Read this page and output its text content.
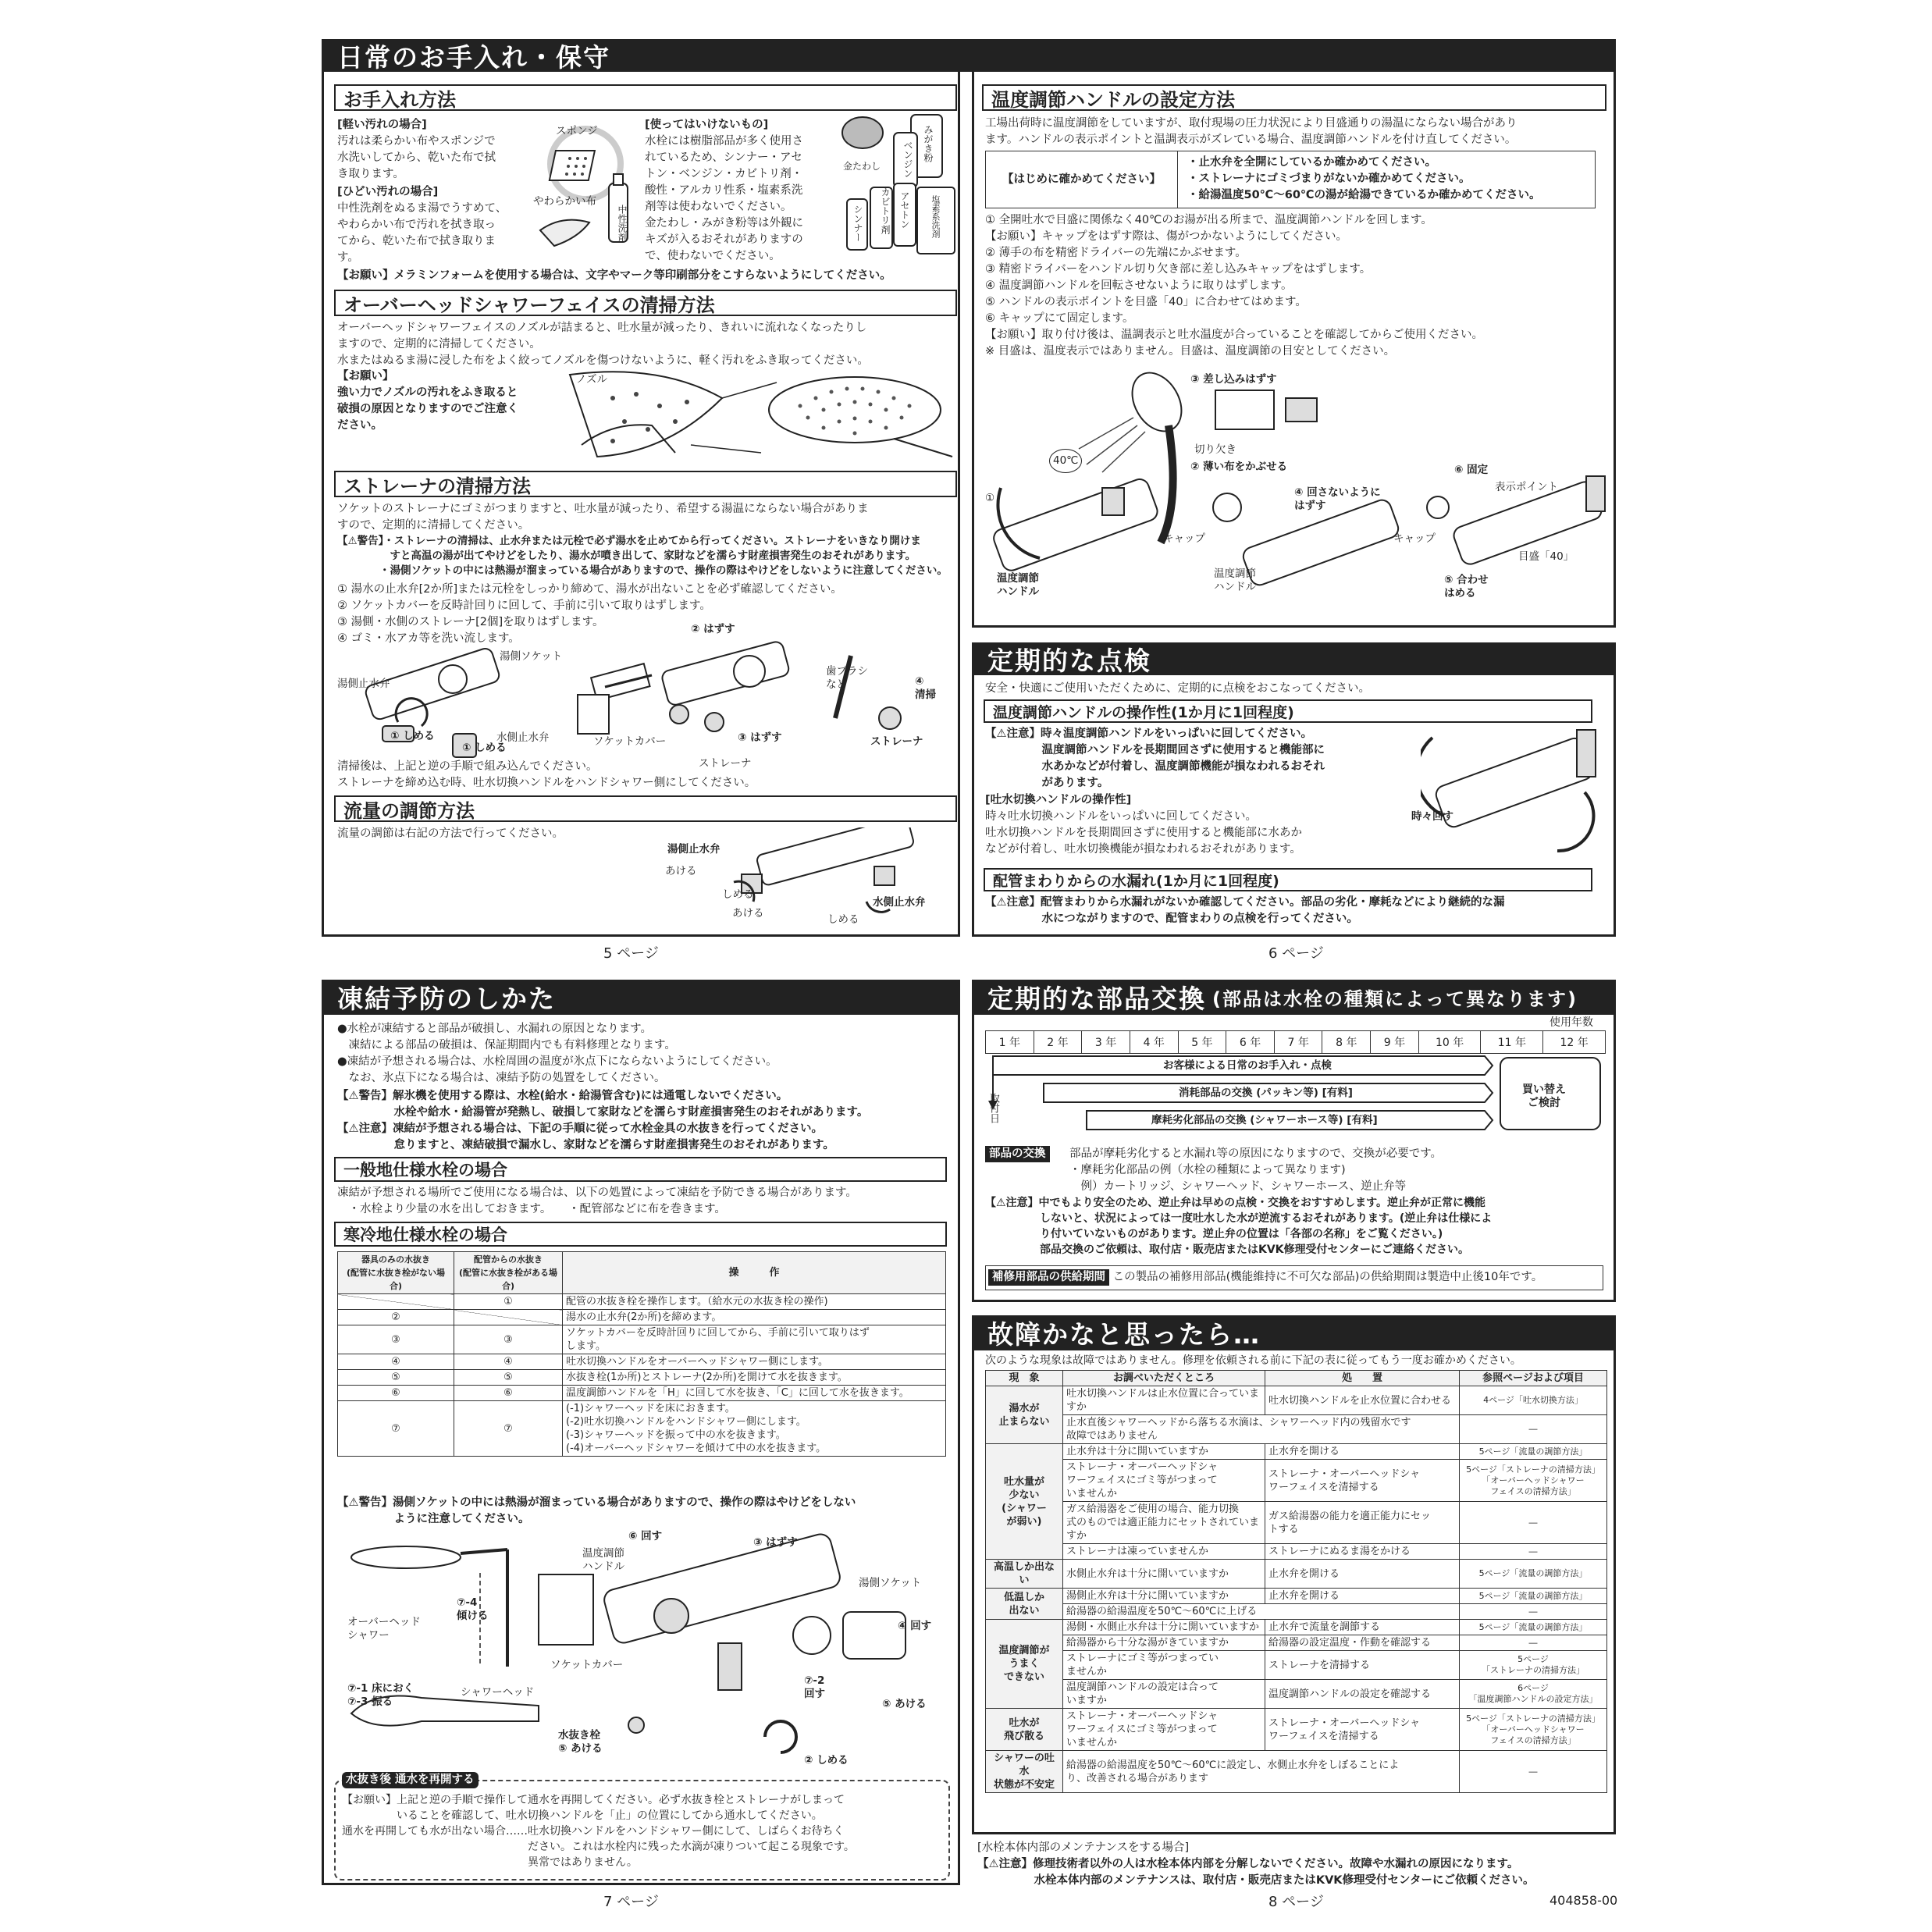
日常のお手入れ・保守
お手入れ方法
[軽い汚れの場合]
汚れは柔らかい布やスポンジで
水洗いしてから、乾いた布で拭
き取ります。
[ひどい汚れの場合]
中性洗剤をぬるま湯でうすめて、
やわらかい布で汚れを拭き取っ
てから、乾いた布で拭き取りま
す。
スポンジ
やわらかい布
中性洗剤
[使ってはいけないもの]
水栓には樹脂部品が多く使用さ
れているため、シンナー・アセ
トン・ベンジン・カビトリ剤・
酸性・アルカリ性系・塩素系洗
剤等は使わないでください。
金たわし・みがき粉等は外観に
キズが入るおそれがありますの
で、使わないでください。
金たわし
みがき粉
ベンジン
カビトリ剤
シンナー	アセトン 塩素系洗剤
【お願い】メラミンフォームを使用する場合は、文字やマーク等印刷部分をこすらないようにしてください。
オーバーヘッドシャワーフェイスの清掃方法
オーバーヘッドシャワーフェイスのノズルが詰まると、吐水量が減ったり、きれいに流れなくなったりし
ますので、定期的に清掃してください。
水またはぬるま湯に浸した布をよく絞ってノズルを傷つけないように、軽く汚れをふき取ってください。
【お願い】
強い力でノズルの汚れをふき取ると
破損の原因となりますのでご注意く
ださい。
ノズル
ストレーナの清掃方法
ソケットのストレーナにゴミがつまりますと、吐水量が減ったり、希望する湯温にならない場合がありま
すので、定期的に清掃してください。
【⚠警告】・ストレーナの清掃は、止水弁または元栓で必ず湯水を止めてから行ってください。ストレーナをいきなり開けま
　　　　　すと高温の湯が出てやけどをしたり、湯水が噴き出して、家財などを濡らす財産損害発生のおそれがあります。
　　　　・湯側ソケットの中には熱湯が溜まっている場合がありますので、操作の際はやけどをしないように注意してください。
① 湯水の止水弁[2か所]または元栓をしっかり締めて、湯水が出ないことを必ず確認してください。
② ソケットカバーを反時計回りに回して、手前に引いて取りはずします。
③ 湯側・水側のストレーナ[2個]を取りはずします。
④ ゴミ・水アカ等を洗い流します。
湯側ソケット
湯側止水弁
① しめる	水側止水弁
② はずす
ソケットカバー	③ はずす
ストレーナ
歯ブラシ
など	④
清掃
ストレーナ
① しめる
清掃後は、上記と逆の手順で組み込んでください。
ストレーナを締め込む時、吐水切換ハンドルをハンドシャワー側にしてください。
流量の調節方法
流量の調節は右記の方法で行ってください。
湯側止水弁
あける
しめる
あける	しめる
水側止水弁
5 ページ
温度調節ハンドルの設定方法
工場出荷時に温度調節をしていますが、取付現場の圧力状況により目盛通りの湯温にならない場合があり
ます。ハンドルの表示ポイントと温調表示がズレている場合、温度調節ハンドルを付け直してください。
【はじめに確かめてください】
・止水弁を全開にしているか確かめてください。
・ストレーナにゴミづまりがないか確かめてください。
・給湯温度50℃～60℃の湯が給湯できているか確かめてください。
① 全開吐水で目盛に関係なく40℃のお湯が出る所まで、温度調節ハンドルを回します。
【お願い】キャップをはずす際は、傷がつかないようにしてください。
② 薄手の布を精密ドライバーの先端にかぶせます。
③ 精密ドライバーをハンドル切り欠き部に差し込みキャップをはずします。
④ 温度調節ハンドルを回転させないように取りはずします。
⑤ ハンドルの表示ポイントを目盛「40」に合わせてはめます。
⑥ キャップにて固定します。
【お願い】取り付け後は、温調表示と吐水温度が合っていることを確認してからご使用ください。
※ 目盛は、温度表示ではありません。目盛は、温度調節の目安としてください。
③ 差し込みはずす
切り欠き
② 薄い布をかぶせる
40℃
①
温度調節
ハンドル
キャップ
温度調節
ハンドル
④ 回さないように
はずす
⑥ 固定
表示ポイント
キャップ
目盛「40」
⑤ 合わせ
はめる
定期的な点検
安全・快適にご使用いただくために、定期的に点検をおこなってください。
温度調節ハンドルの操作性(1か月に1回程度)
【⚠注意】時々温度調節ハンドルをいっぱいに回してください。
　　　　　温度調節ハンドルを長期間回さずに使用すると機能部に
　　　　　水あかなどが付着し、温度調節機能が損なわれるおそれ
　　　　　があります。
[吐水切換ハンドルの操作性]
時々吐水切換ハンドルをいっぱいに回してください。
吐水切換ハンドルを長期間回さずに使用すると機能部に水あか
などが付着し、吐水切換機能が損なわれるおそれがあります。
時々回す
配管まわりからの水漏れ(1か月に1回程度)
【⚠注意】配管まわりから水漏れがないか確認してください。部品の劣化・摩耗などにより継続的な漏
　　　　　水につながりますので、配管まわりの点検を行ってください。
6 ページ
凍結予防のしかた
●水栓が凍結すると部品が破損し、水漏れの原因となります。
　凍結による部品の破損は、保証期間内でも有料修理となります。
●凍結が予想される場合は、水栓周囲の温度が氷点下にならないようにしてください。
　なお、氷点下になる場合は、凍結予防の処置をしてください。
【⚠警告】解氷機を使用する際は、水栓(給水・給湯管含む)には通電しないでください。
　　　　　水栓や給水・給湯管が発熱し、破損して家財などを濡らす財産損害発生のおそれがあります。
【⚠注意】凍結が予想される場合は、下記の手順に従って水栓金具の水抜きを行ってください。
　　　　　怠りますと、凍結破損で漏水し、家財などを濡らす財産損害発生のおそれがあります。
一般地仕様水栓の場合
凍結が予想される場所でご使用になる場合は、以下の処置によって凍結を予防できる場合があります。
　・水栓より少量の水を出しておきます。　　・配管部などに布を巻きます。
寒冷地仕様水栓の場合
器具のみの水抜き
(配管に水抜き栓がない場合)	配管からの水抜き
(配管に水抜き栓がある場合)	操　　　作
	①	配管の水抜き栓を操作します。（給水元の水抜き栓の操作)
②		湯水の止水弁(2か所)を締めます。
③	③	ソケットカバーを反時計回りに回してから、手前に引いて取りはず
します。
④	④	吐水切換ハンドルをオーバーヘッドシャワー側にします。
⑤	⑤	水抜き栓(1か所)とストレーナ(2か所)を開けて水を抜きます。
⑥	⑥	温度調節ハンドルを「H」に回して水を抜き、「C」に回して水を抜きます。
⑦	⑦	(-1)シャワーヘッドを床におきます。
(-2)吐水切換ハンドルをハンドシャワー側にします。
(-3)シャワーヘッドを振って中の水を抜きます。
(-4)オーバーヘッドシャワーを傾けて中の水を抜きます。
【⚠警告】湯側ソケットの中には熱湯が溜まっている場合がありますので、操作の際はやけどをしない
　　　　　ように注意してください。
オーバーヘッド
シャワー
⑦-4
傾ける
⑦-1 床におく
⑦-3 振る
シャワーヘッド
⑥ 回す
温度調節
ハンドル
③ はずす
湯側ソケット
④ 回す
ソケットカバー
⑦-2
回す
⑤ あける
水抜き栓
⑤ あける
② しめる
水抜き後 通水を再開する
【お願い】上記と逆の手順で操作して通水を再開してください。必ず水抜き栓とストレーナがしまって
　　　　　いることを確認して、吐水切換ハンドルを「止」の位置にしてから通水してください。
通水を再開しても水が出ない場合……吐水切換ハンドルをハンドシャワー側にして、しばらくお待ちく
　　　　　　　　　　　　　　　　　ださい。これは水栓内に残った水滴が凍りついて起こる現象です。
　　　　　　　　　　　　　　　　　異常ではありません。
7 ページ
定期的な部品交換 (部品は水栓の種類によって異なります)
使用年数
1 年	2 年	3 年	4 年	5 年	6 年	7 年	8 年	9 年	10 年	11 年	12 年
お客様による日常のお手入れ・点検
消耗部品の交換 (パッキン等) [有料]
摩耗劣化部品の交換 (シャワーホース等) [有料]
取付日
買い替え
ご検討
部品の交換	部品が摩耗劣化すると水漏れ等の原因になりますので、交換が必要です。
・摩耗劣化部品の例（水栓の種類によって異なります)
　例）カートリッジ、シャワーヘッド、シャワーホース、逆止弁等
【⚠注意】中でもより安全のため、逆止弁は早めの点検・交換をおすすめします。逆止弁が正常に機能
　　　　　しないと、状況によっては一度吐水した水が逆流するおそれがあります。(逆止弁は仕様によ
　　　　　り付いていないものがあります。逆止弁の位置は「各部の名称」をご覧ください。)
　　　　　部品交換のご依頼は、取付店・販売店またはKVK修理受付センターにご連絡ください。
補修用部品の供給期間 この製品の補修用部品(機能維持に不可欠な部品)の供給期間は製造中止後10年です。
故障かなと思ったら…
次のような現象は故障ではありません。修理を依頼される前に下記の表に従ってもう一度お確かめください。
現　象	お調べいただくところ	処　　置	参照ページおよび項目
湯水が
止まらない	吐水切換ハンドルは止水位置に合っていますか	吐水切換ハンドルを止水位置に合わせる	4ページ「吐水切換方法」
	止水直後シャワーヘッドから落ちる水滴は、シャワーヘッド内の残留水です
故障ではありません		―
吐水量が
少ない
(シャワー
が弱い)	止水弁は十分に開いていますか	止水弁を開ける	5ページ「流量の調節方法」
	ストレーナ・オーバーヘッドシャ
ワーフェイスにゴミ等がつまって
いませんか	ストレーナ・オーバーヘッドシャ
ワーフェイスを清掃する	5ページ「ストレーナの清掃方法」
「オーバーヘッドシャワー
フェイスの清掃方法」
	ガス給湯器をご使用の場合、能力切換
式のものでは適正能力にセットされていますか	ガス給湯器の能力を適正能力にセッ
トする	―
	ストレーナは凍っていませんか	ストレーナにぬるま湯をかける	―
高温しか出ない	水側止水弁は十分に開いていますか	止水弁を開ける	5ページ「流量の調節方法」
低温しか
出ない	湯側止水弁は十分に開いていますか	止水弁を開ける	5ページ「流量の調節方法」
	給湯器の給湯温度を50℃～60℃に上げる		―
温度調節が
うまく
できない	湯側・水側止水弁は十分に開いていますか	止水弁で流量を調節する	5ページ「流量の調節方法」
	給湯器から十分な湯がきていますか	給湯器の設定温度・作動を確認する	―
	ストレーナにゴミ等がつまってい
ませんか	ストレーナを清掃する	5ページ
「ストレーナの清掃方法」
	温度調節ハンドルの設定は合って
いますか	温度調節ハンドルの設定を確認する	6ページ
「温度調節ハンドルの設定方法」
吐水が
飛び散る	ストレーナ・オーバーヘッドシャ
ワーフェイスにゴミ等がつまって
いませんか	ストレーナ・オーバーヘッドシャ
ワーフェイスを清掃する	5ページ「ストレーナの清掃方法」
「オーバーヘッドシャワー
フェイスの清掃方法」
シャワーの吐水
状態が不安定	給湯器の給湯温度を50℃～60℃に設定し、水側止水弁をしぼることによ
り、改善される場合があります		―
[水栓本体内部のメンテナンスをする場合]
【⚠注意】修理技術者以外の人は水栓本体内部を分解しないでください。故障や水漏れの原因になります。
　　　　　水栓本体内部のメンテナンスは、取付店・販売店またはKVK修理受付センターにご依頼ください。
8 ページ	404858-00
